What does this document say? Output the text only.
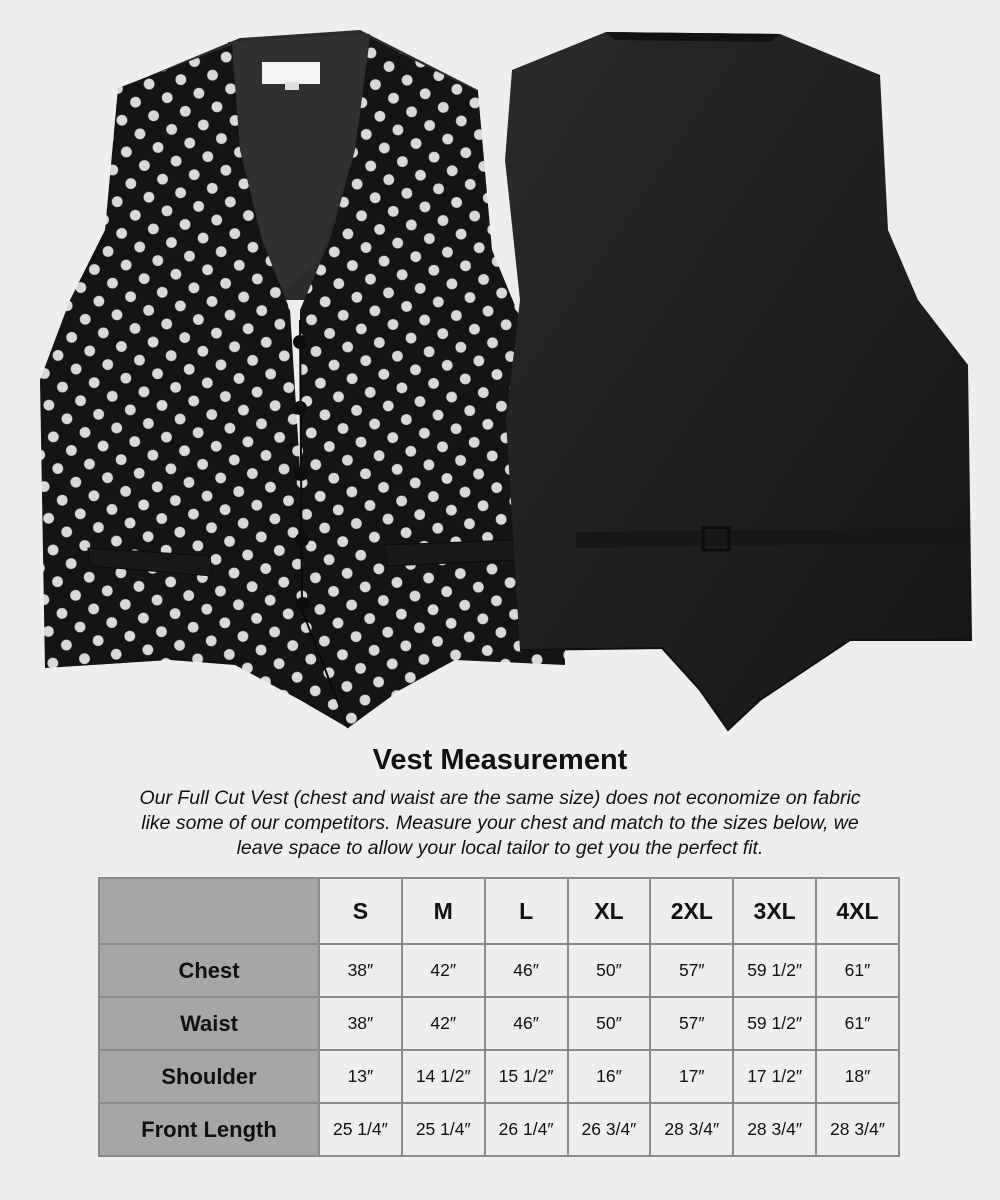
Vest Measurement
Our Full Cut Vest (chest and waist are the same size) does not economize on fabric
like some of our competitors. Measure your chest and match to the sizes below, we
leave space to allow your local tailor to get you the perfect fit.
	S	M	L	XL	2XL	3XL	4XL
Chest	38″	42″	46″	50″	57″	59 1/2″	61″
Waist	38″	42″	46″	50″	57″	59 1/2″	61″
Shoulder	13″	14 1/2″	15 1/2″	16″	17″	17 1/2″	18″
Front Length	25 1/4″	25 1/4″	26 1/4″	26 3/4″	28 3/4″	28 3/4″	28 3/4″
